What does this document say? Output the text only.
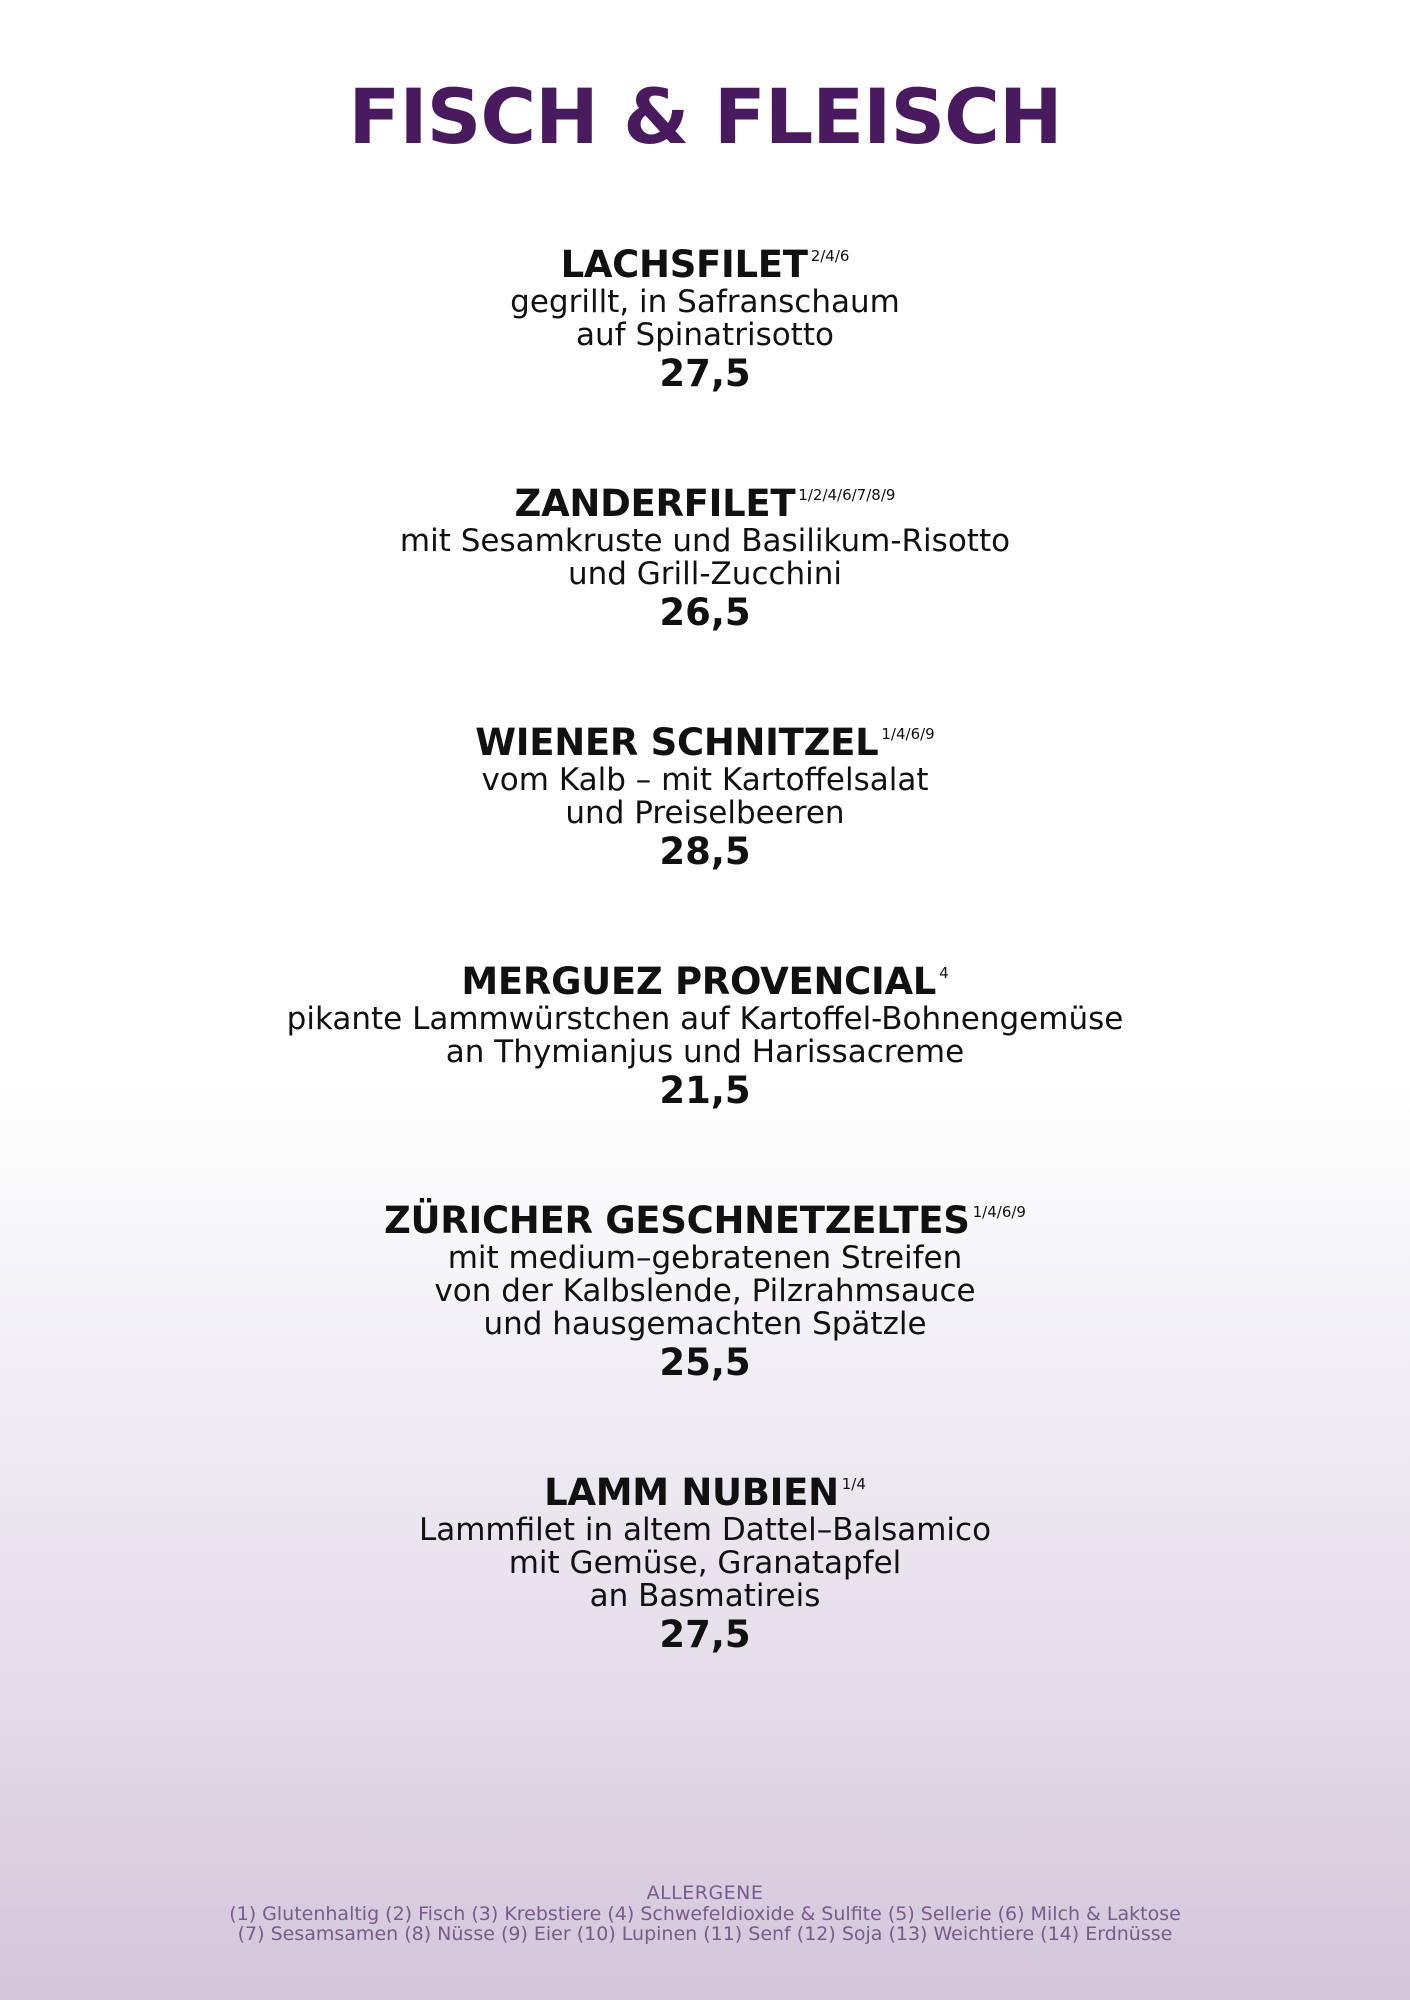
FISCH & FLEISCH
LACHSFILET $^{2/4/6}$
gegrillt, in Safranschaum
auf Spinatrisotto
27,5
ZANDERFILET $^{1/2/4/6/7/8/9}$
mit Sesamkruste und Basilikum-Risotto
und Grill-Zucchini
26,5
WIENER SCHNITZEL $^{1/4/6/9}$
vom Kalb – mit Kartoffelsalat
und Preiselbeeren
28,5
MERGUEZ PROVENCIAL $^4$
pikante Lammwürstchen auf Kartoffel-Bohnengemüse
an Thymianjus und Harissacreme
21,5
ZÜRICHER GESCHNETZELTES $^{1/4/6/9}$
mit medium–gebratenen Streifen
von der Kalbslende, Pilzrahmsauce
und hausgemachten Spätzle
25,5
LAMM NUBIEN $^{1/4}$
Lammfilet in altem Dattel–Balsamico
mit Gemüse, Granatapfel
an Basmatireis
27,5
ALLERGENE
(1) Glutenhaltig (2) Fisch (3) Krebstiere (4) Schwefeldioxide & Sulfite (5) Sellerie (6) Milch & Laktose
(7) Sesamsamen (8) Nüsse (9) Eier (10) Lupinen (11) Senf (12) Soja (13) Weichtiere (14) Erdnüsse
